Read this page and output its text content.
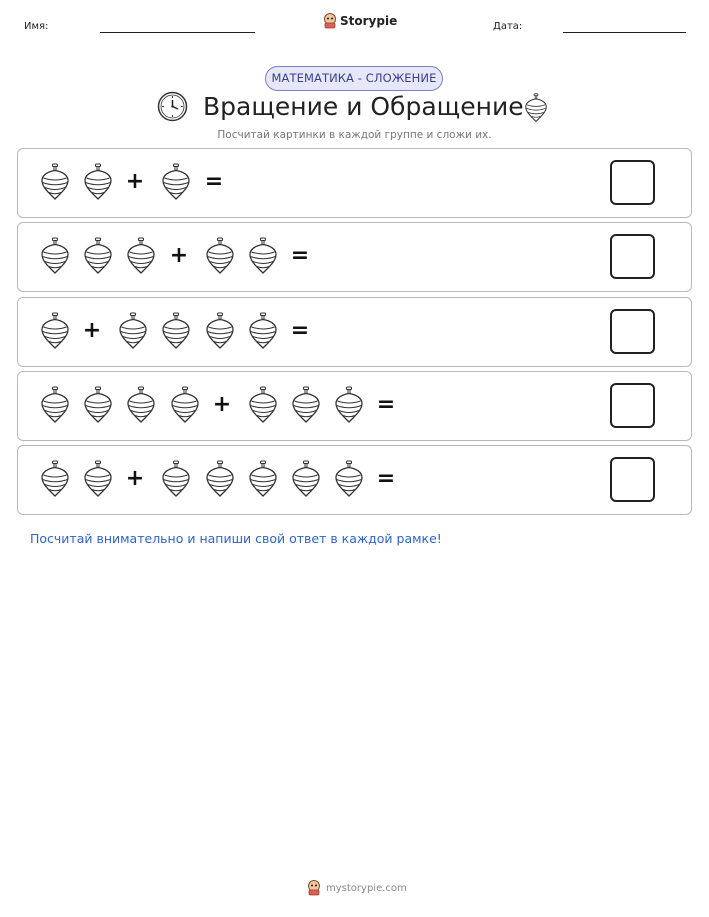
Имя:	Storypie	Дата:
МАТЕМАТИКА - СЛОЖЕНИЕ
Вращение и Обращение
Посчитай картинки в каждой группе и сложи их.
+	=
+	=
+	=
+	=
+	=
Посчитай внимательно и напиши свой ответ в каждой рамке!
mystorypie.com
